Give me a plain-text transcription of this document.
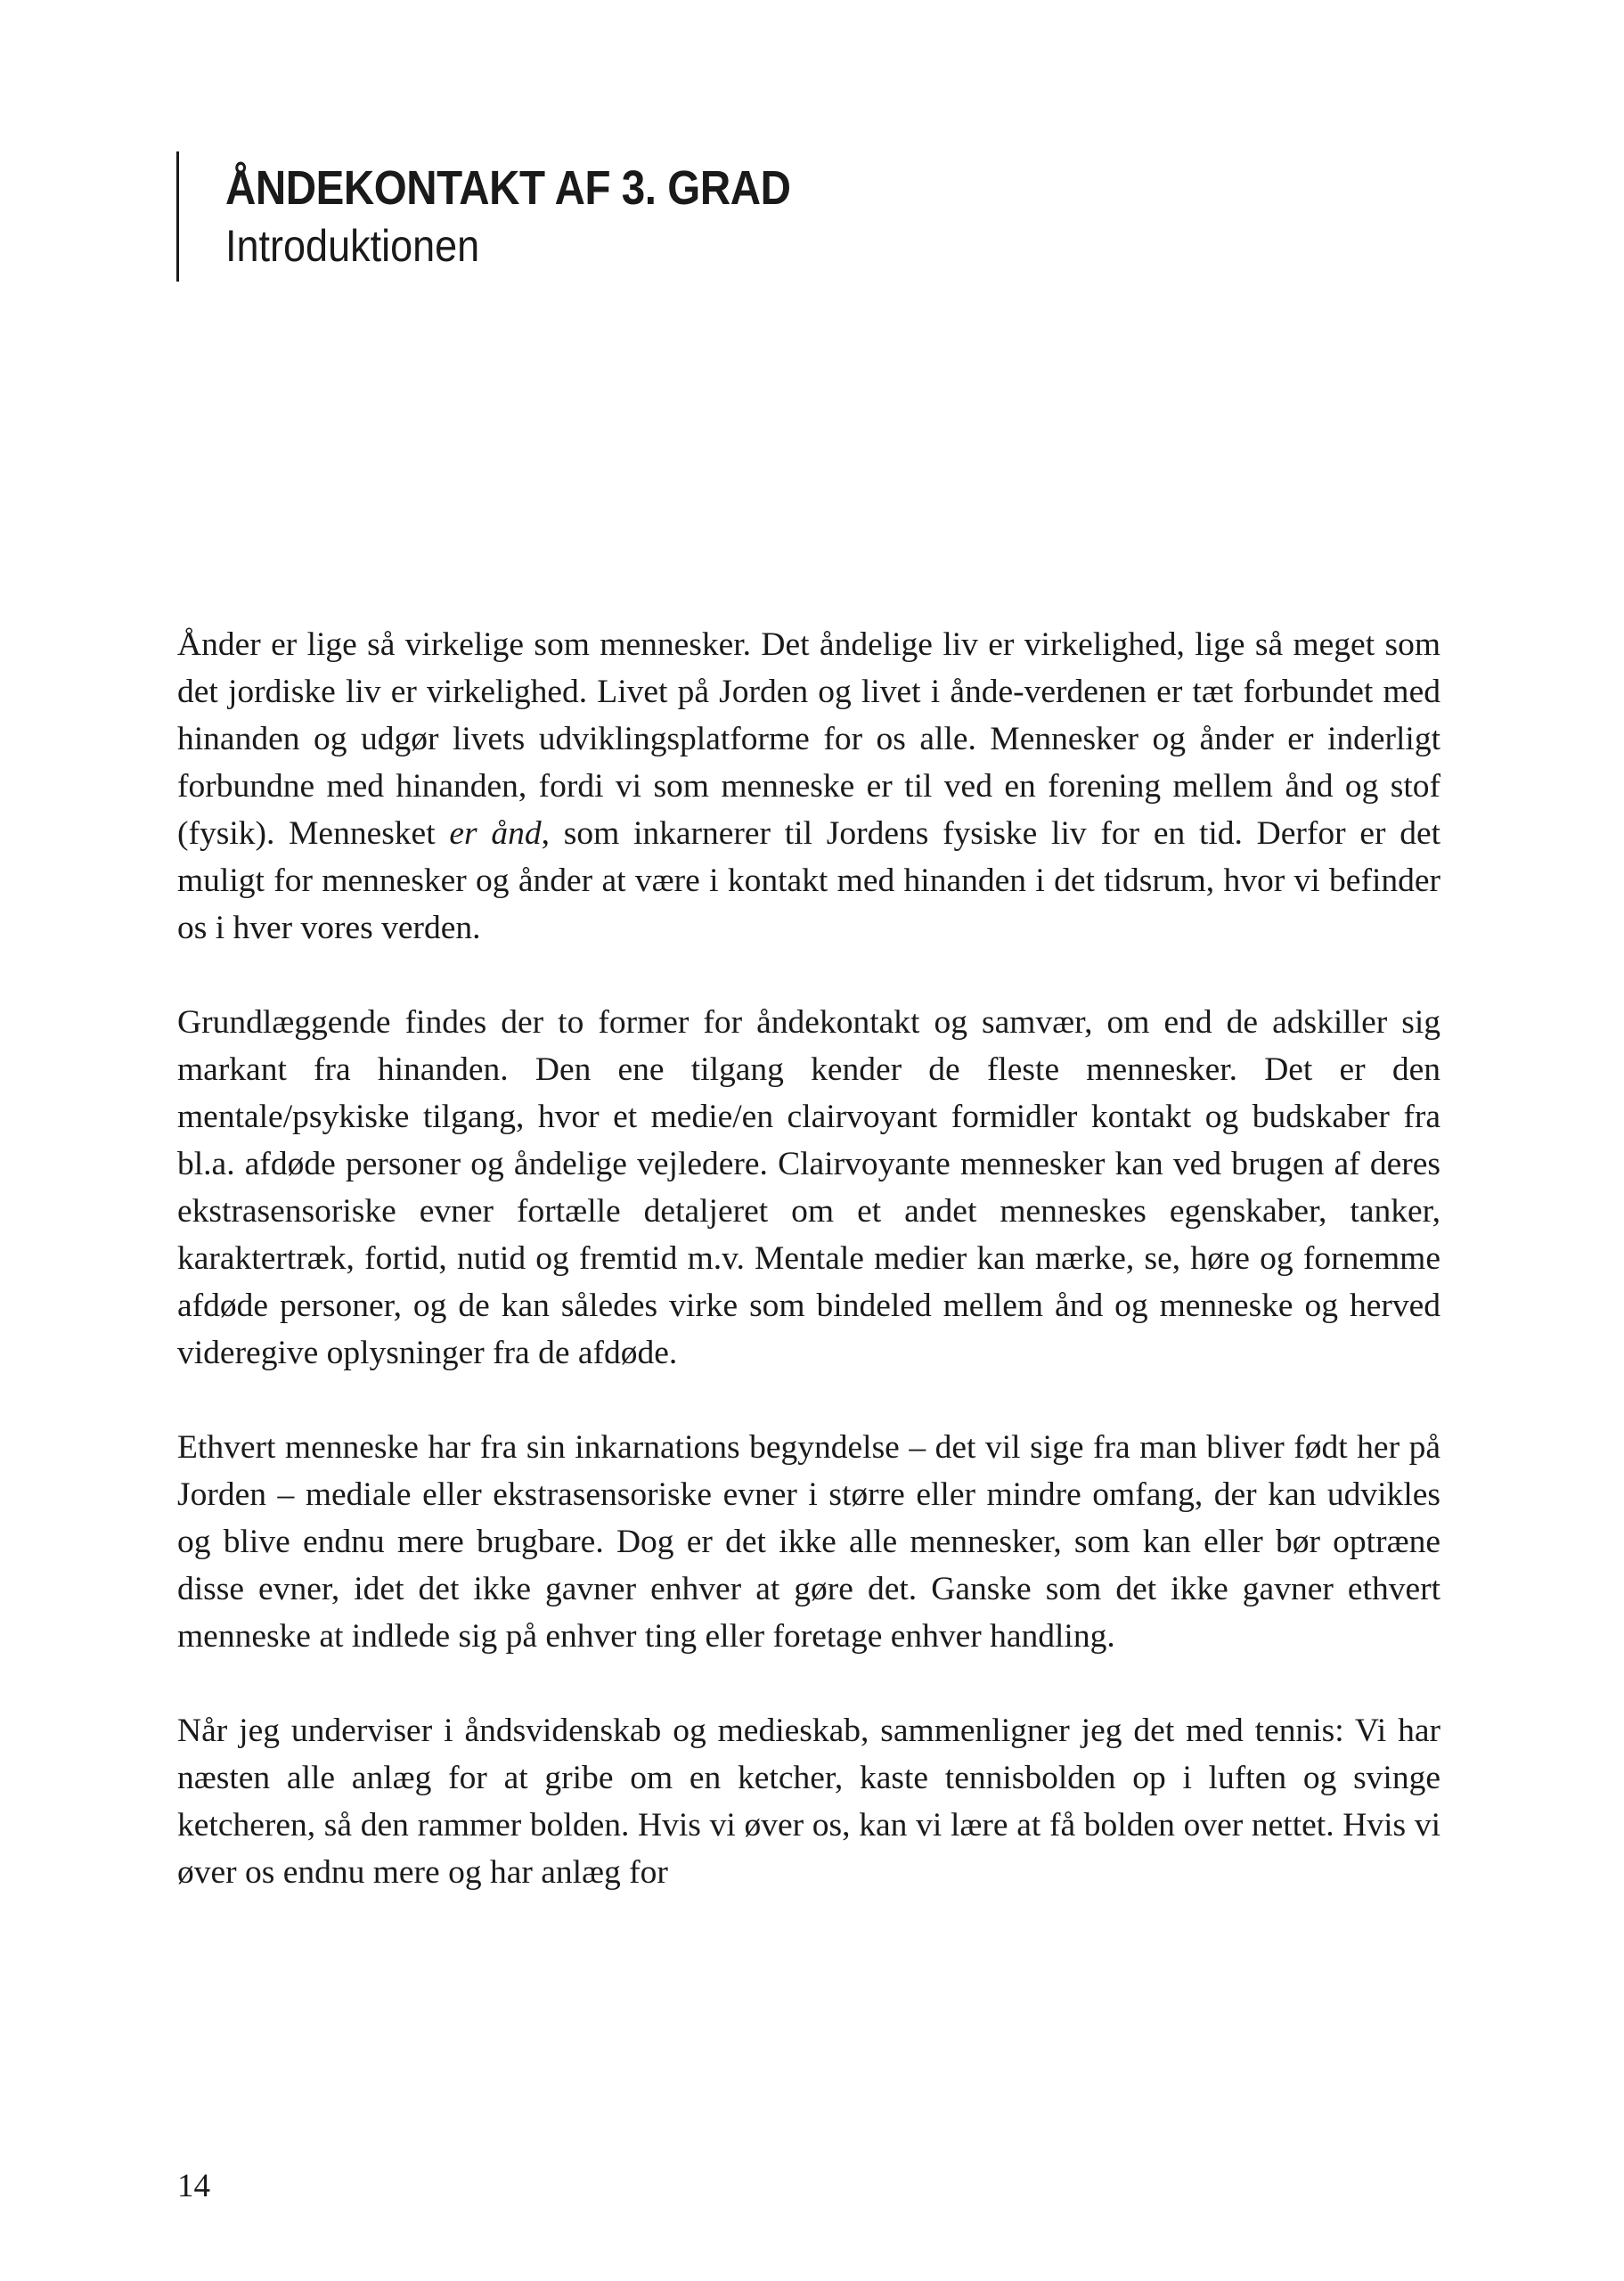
ÅNDEKONTAKT AF 3. GRAD
Introduktionen

Ånder er lige så virkelige som mennesker. Det åndelige liv er virkelighed, lige så meget som det jordiske liv er virkelighed. Livet på Jorden og livet i ånde-verdenen er tæt forbundet med hinanden og udgør livets udviklingsplatforme for os alle. Mennesker og ånder er inderligt forbundne med hinanden, fordi vi som menneske er til ved en forening mellem ånd og stof (fysik). Mennesket er ånd, som inkarnerer til Jordens fysiske liv for en tid. Derfor er det muligt for mennesker og ånder at være i kontakt med hinanden i det tidsrum, hvor vi befinder os i hver vores verden.

Grundlæggende findes der to former for åndekontakt og samvær, om end de adskiller sig markant fra hinanden. Den ene tilgang kender de fleste mennesker. Det er den mentale/psykiske tilgang, hvor et medie/en clairvoyant formidler kontakt og budskaber fra bl.a. afdøde personer og åndelige vejledere. Clairvoyante mennesker kan ved brugen af deres ekstrasensoriske evner fortælle detaljeret om et andet menneskes egenskaber, tanker, karaktertræk, fortid, nutid og fremtid m.v. Mentale medier kan mærke, se, høre og fornemme afdøde personer, og de kan således virke som bindeled mellem ånd og menneske og herved videregive oplysninger fra de afdøde.

Ethvert menneske har fra sin inkarnations begyndelse – det vil sige fra man bliver født her på Jorden – mediale eller ekstrasensoriske evner i større eller mindre omfang, der kan udvikles og blive endnu mere brugbare. Dog er det ikke alle mennesker, som kan eller bør optræne disse evner, idet det ikke gavner enhver at gøre det. Ganske som det ikke gavner ethvert menneske at indlede sig på enhver ting eller foretage enhver handling.

Når jeg underviser i åndsvidenskab og medieskab, sammenligner jeg det med tennis: Vi har næsten alle anlæg for at gribe om en ketcher, kaste tennisbolden op i luften og svinge ketcheren, så den rammer bolden. Hvis vi øver os, kan vi lære at få bolden over nettet. Hvis vi øver os endnu mere og har anlæg for

14
